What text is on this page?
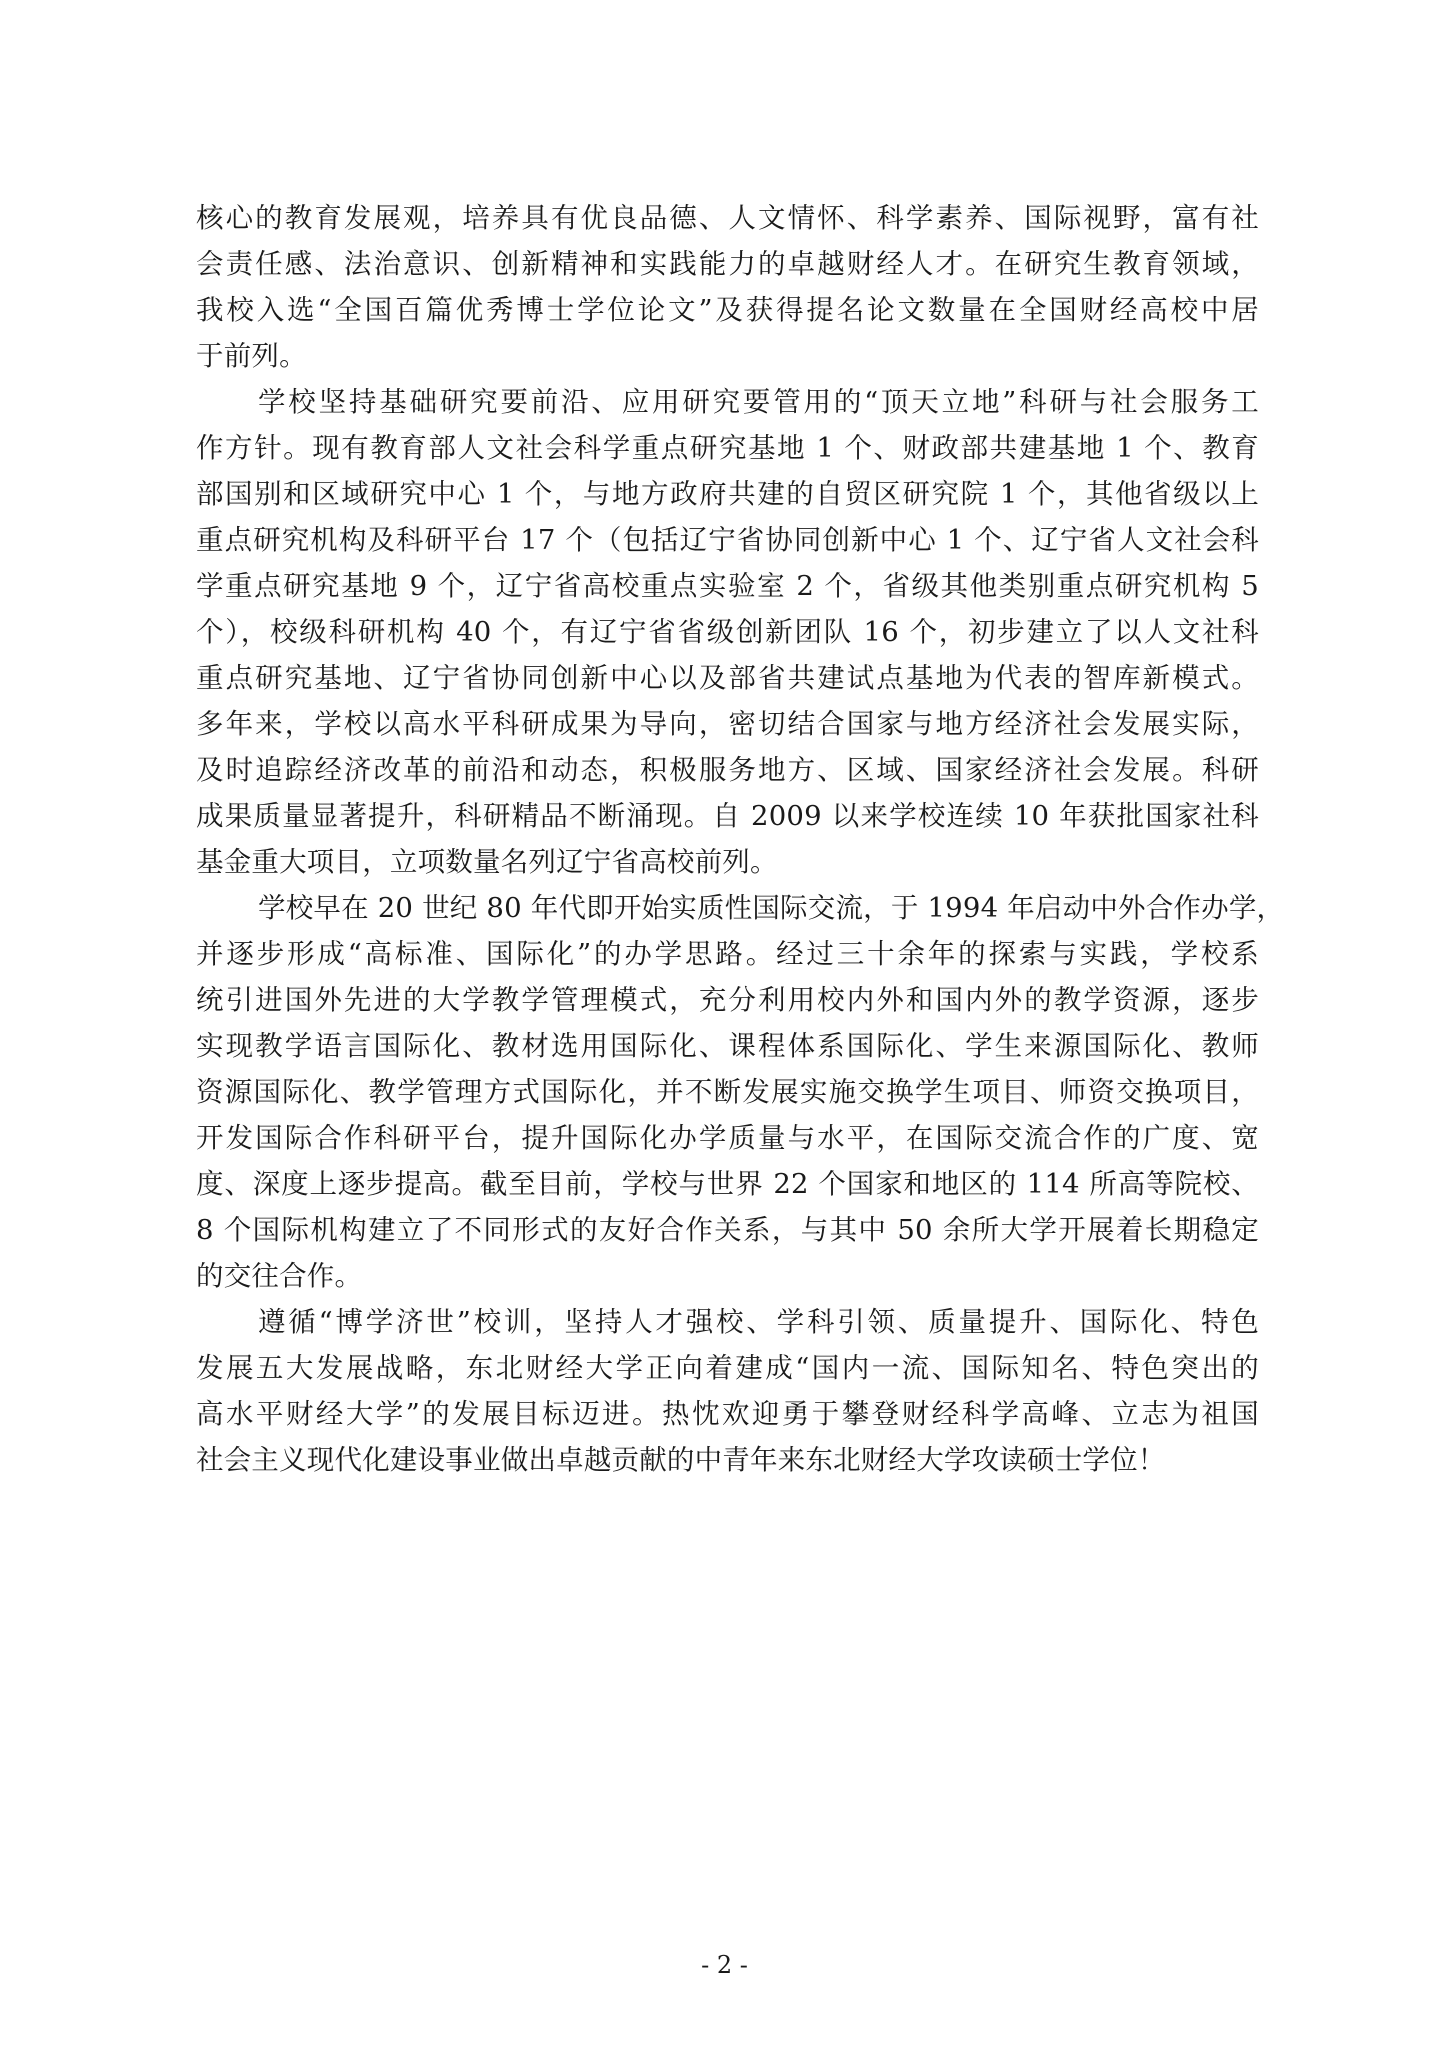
核心的教育发展观，培养具有优良品德、人文情怀、科学素养、国际视野，富有社
会责任感、法治意识、创新精神和实践能力的卓越财经人才。在研究生教育领域，
我校入选“全国百篇优秀博士学位论文”及获得提名论文数量在全国财经高校中居
于前列。
学校坚持基础研究要前沿、应用研究要管用的“顶天立地”科研与社会服务工
作方针。现有教育部人文社会科学重点研究基地 1 个、财政部共建基地 1 个、教育
部国别和区域研究中心 1 个，与地方政府共建的自贸区研究院 1 个，其他省级以上
重点研究机构及科研平台 17 个（包括辽宁省协同创新中心 1 个、辽宁省人文社会科
学重点研究基地 9 个，辽宁省高校重点实验室 2 个，省级其他类别重点研究机构 5
个），校级科研机构 40 个，有辽宁省省级创新团队 16 个，初步建立了以人文社科
重点研究基地、辽宁省协同创新中心以及部省共建试点基地为代表的智库新模式。
多年来，学校以高水平科研成果为导向，密切结合国家与地方经济社会发展实际，
及时追踪经济改革的前沿和动态，积极服务地方、区域、国家经济社会发展。科研
成果质量显著提升，科研精品不断涌现。自 2009 以来学校连续 10 年获批国家社科
基金重大项目，立项数量名列辽宁省高校前列。
学校早在 20 世纪 80 年代即开始实质性国际交流，于 1994 年启动中外合作办学，
并逐步形成“高标准、国际化”的办学思路。经过三十余年的探索与实践，学校系
统引进国外先进的大学教学管理模式，充分利用校内外和国内外的教学资源，逐步
实现教学语言国际化、教材选用国际化、课程体系国际化、学生来源国际化、教师
资源国际化、教学管理方式国际化，并不断发展实施交换学生项目、师资交换项目，
开发国际合作科研平台，提升国际化办学质量与水平，在国际交流合作的广度、宽
度、深度上逐步提高。截至目前，学校与世界 22 个国家和地区的 114 所高等院校、
8 个国际机构建立了不同形式的友好合作关系，与其中 50 余所大学开展着长期稳定
的交往合作。
遵循“博学济世”校训，坚持人才强校、学科引领、质量提升、国际化、特色
发展五大发展战略，东北财经大学正向着建成“国内一流、国际知名、特色突出的
高水平财经大学”的发展目标迈进。热忱欢迎勇于攀登财经科学高峰、立志为祖国
社会主义现代化建设事业做出卓越贡献的中青年来东北财经大学攻读硕士学位！
- 2 -
